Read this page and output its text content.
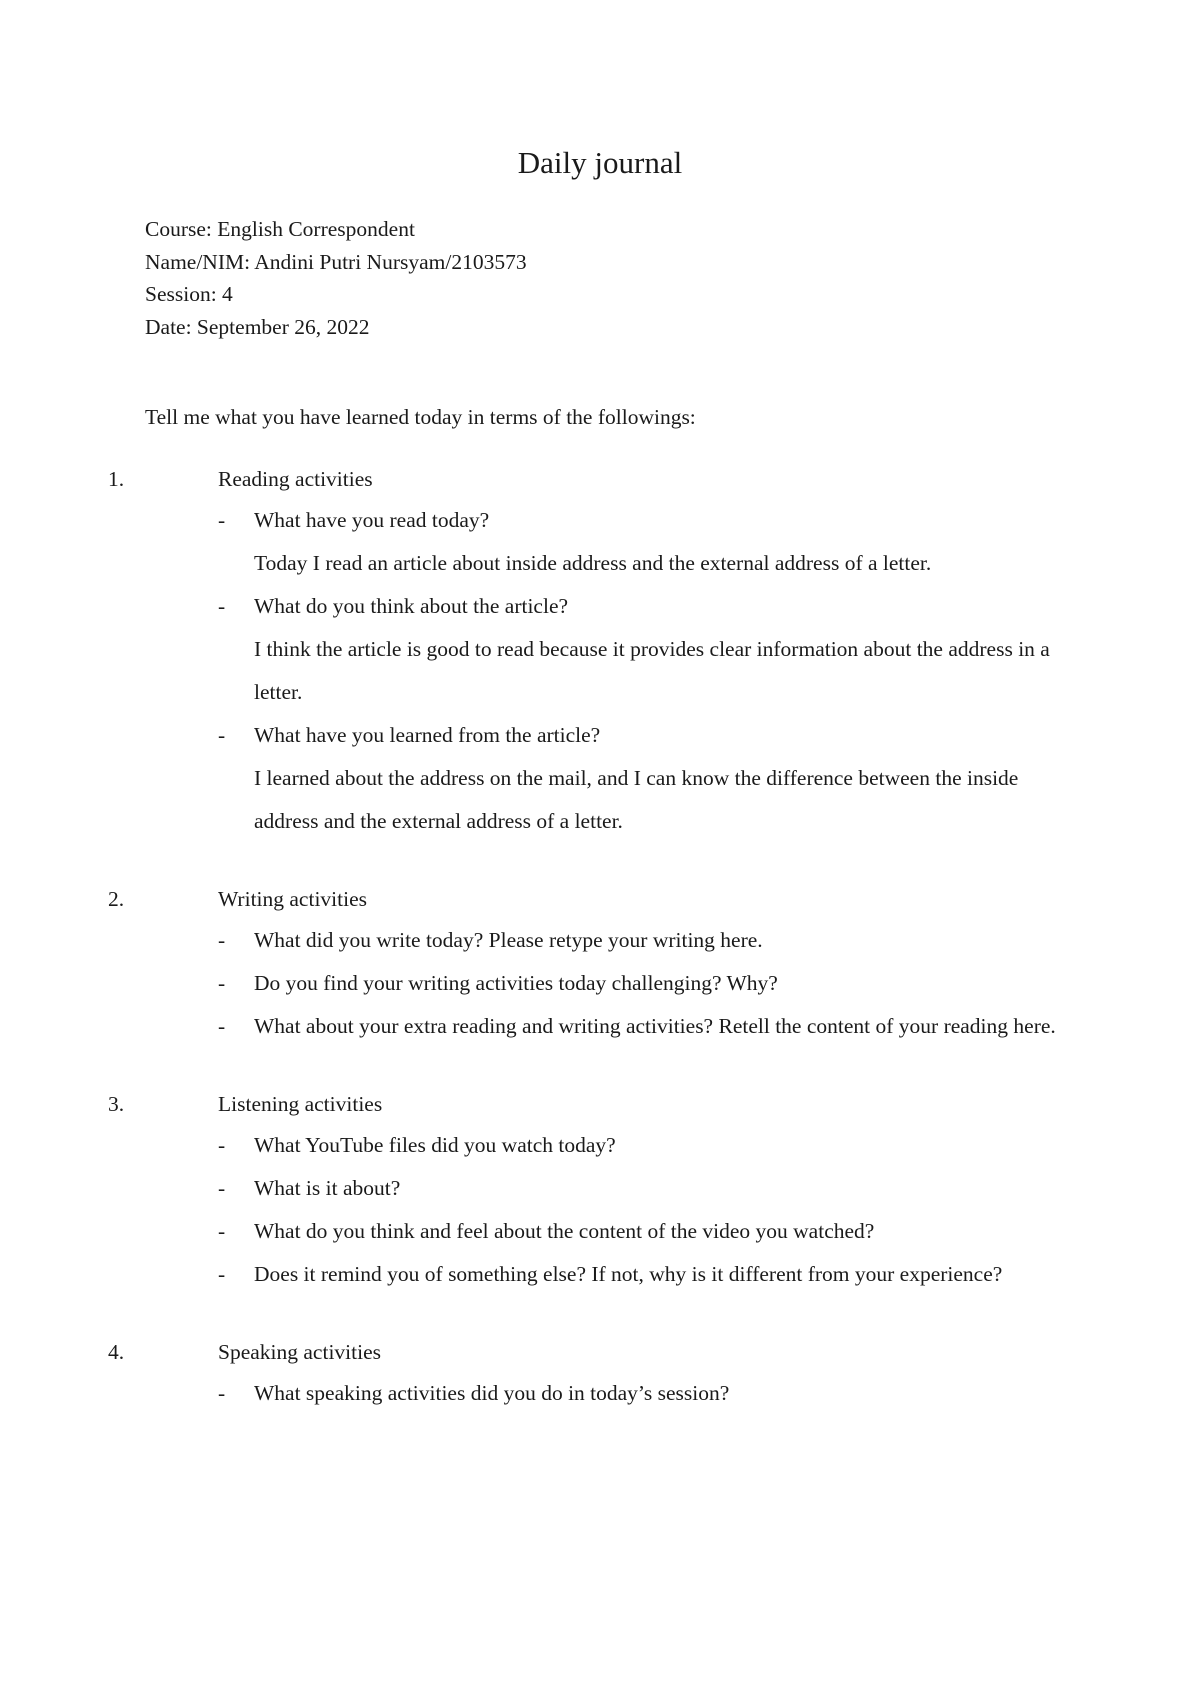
Daily journal

Course: English Correspondent

Name/NIM: Andini Putri Nursyam/2103573

Session: 4

Date: September 26, 2022

Tell me what you have learned today in terms of the followings:

1.	Reading activities
- What have you read today?
Today I read an article about inside address and the external address of a letter.
- What do you think about the article?
I think the article is good to read because it provides clear information about the address in a letter.
- What have you learned from the article?
I learned about the address on the mail, and I can know the difference between the inside address and the external address of a letter.
2.	Writing activities
- What did you write today? Please retype your writing here.
- Do you find your writing activities today challenging? Why?
- What about your extra reading and writing activities? Retell the content of your reading here.
3.	Listening activities
- What YouTube files did you watch today?
- What is it about?
- What do you think and feel about the content of the video you watched?
- Does it remind you of something else? If not, why is it different from your experience?
4.	Speaking activities
- What speaking activities did you do in today’s session?
